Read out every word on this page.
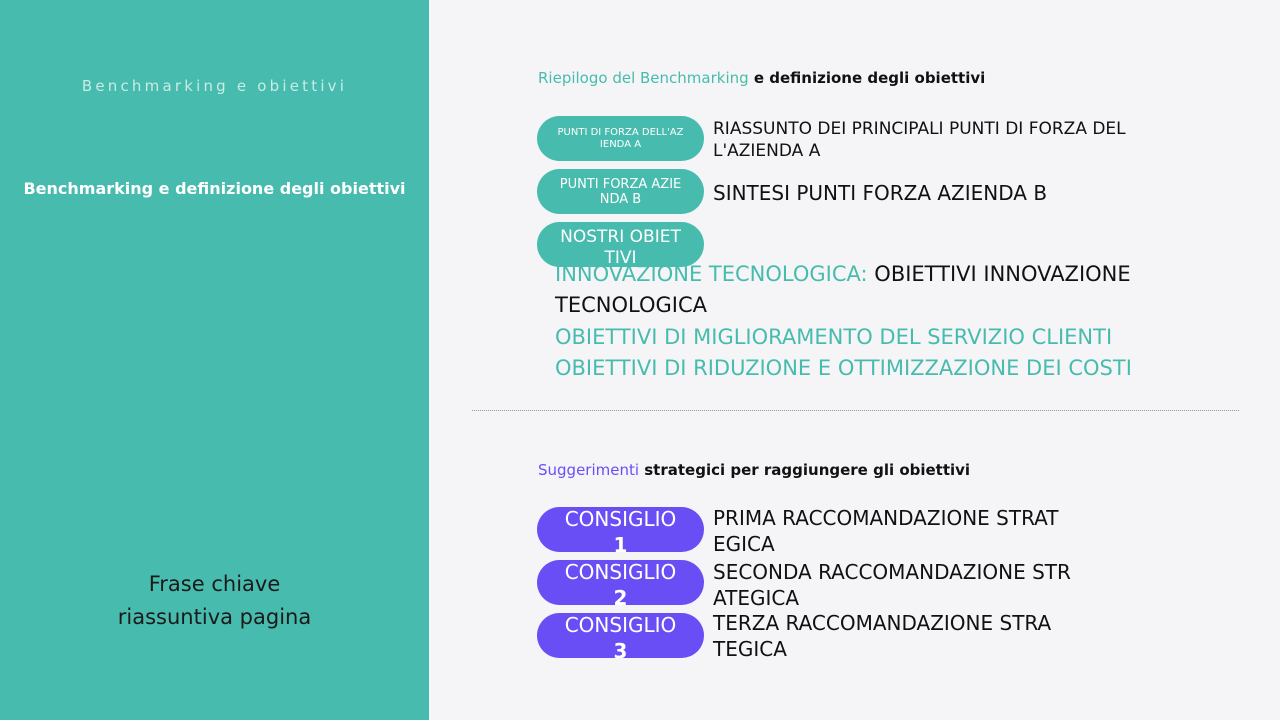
Benchmarking e obiettivi
Benchmarking e definizione degli obiettivi
Frase chiave riassuntiva pagina
Riepilogo del Benchmarking e definizione degli obiettivi
PUNTI DI FORZA DELL'AZIENDA A
RIASSUNTO DEI PRINCIPALI PUNTI DI FORZA DEL L'AZIENDA A
PUNTI FORZA AZIENDA B	SINTESI PUNTI FORZA AZIENDA B
NOSTRI OBIETTIVI
INNOVAZIONE TECNOLOGICA: OBIETTIVI INNOVAZIONE
TECNOLOGICA
OBIETTIVI DI MIGLIORAMENTO DEL SERVIZIO CLIENTI
OBIETTIVI DI RIDUZIONE E OTTIMIZZAZIONE DEI COSTI
Suggerimenti strategici per raggiungere gli obiettivi
CONSIGLIO 1
PRIMA RACCOMANDAZIONE STRAT EGICA
CONSIGLIO 2
SECONDA RACCOMANDAZIONE STR ATEGICA
CONSIGLIO 3
TERZA RACCOMANDAZIONE STRA TEGICA
